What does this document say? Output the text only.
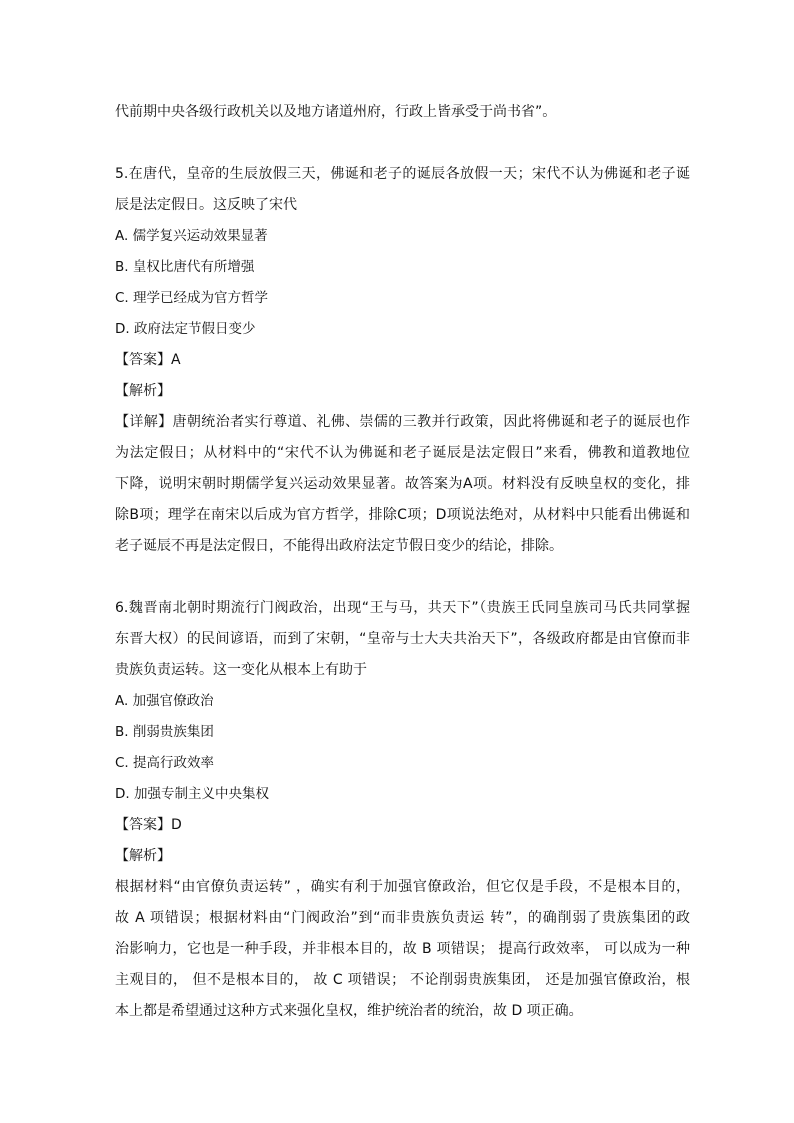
代前期中央各级行政机关以及地方诸道州府，行政上皆承受于尚书省”。
5.在唐代，皇帝的生辰放假三天，佛诞和老子的诞辰各放假一天；宋代不认为佛诞和老子诞
辰是法定假日。这反映了宋代
A. 儒学复兴运动效果显著
B. 皇权比唐代有所增强
C. 理学已经成为官方哲学
D. 政府法定节假日变少
【答案】A
【解析】
【详解】唐朝统治者实行尊道、礼佛、崇儒的三教并行政策，因此将佛诞和老子的诞辰也作
为法定假日；从材料中的“宋代不认为佛诞和老子诞辰是法定假日”来看，佛教和道教地位
下降，说明宋朝时期儒学复兴运动效果显著。故答案为A项。材料没有反映皇权的变化，排
除B项；理学在南宋以后成为官方哲学，排除C项；D项说法绝对，从材料中只能看出佛诞和
老子诞辰不再是法定假日，不能得出政府法定节假日变少的结论，排除。
6.魏晋南北朝时期流行门阀政治，出现“王与马，共天下”（贵族王氏同皇族司马氏共同掌握
东晋大权）的民间谚语，而到了宋朝，“皇帝与士大夫共治天下”，各级政府都是由官僚而非
贵族负责运转。这一变化从根本上有助于
A. 加强官僚政治
B. 削弱贵族集团
C. 提高行政效率
D. 加强专制主义中央集权
【答案】D
【解析】
根据材料“由官僚负责运转” ，确实有利于加强官僚政治，但它仅是手段，不是根本目的，
故 A 项错误；根据材料由“门阀政治”到“而非贵族负责运 转”，的确削弱了贵族集团的政
治影响力，它也是一种手段，并非根本目的，故 B 项错误； 提高行政效率， 可以成为一种
主观目的， 但不是根本目的， 故 C 项错误； 不论削弱贵族集团， 还是加强官僚政治，根
本上都是希望通过这种方式来强化皇权，维护统治者的统治，故 D 项正确。
